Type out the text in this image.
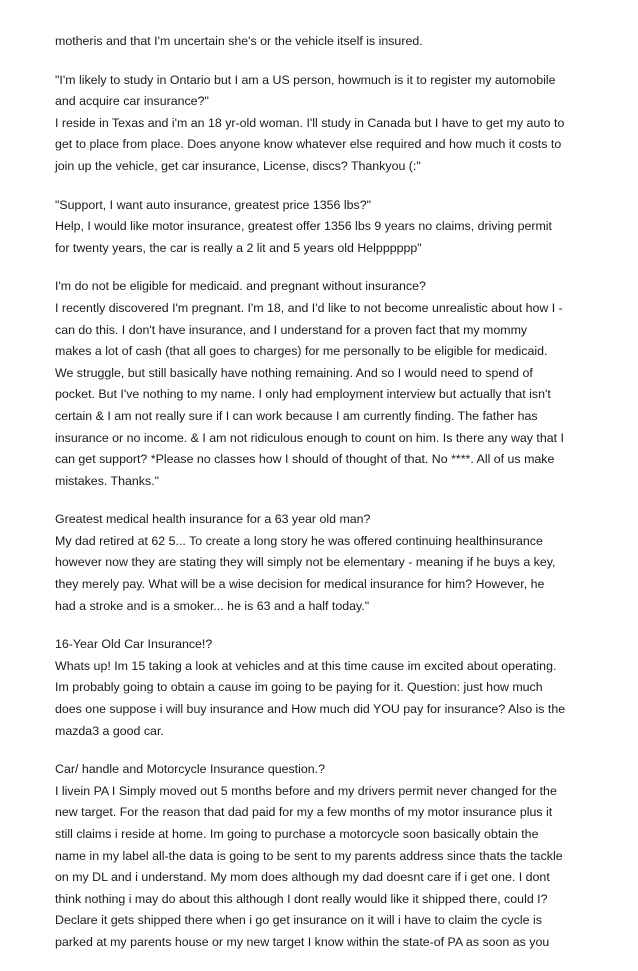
motheris and that I'm uncertain she's or the vehicle itself is insured.
"I'm likely to study in Ontario but I am a US person, howmuch is it to register my automobile
and acquire car insurance?"
I reside in Texas and i'm an 18 yr-old woman. I'll study in Canada but I have to get my auto to
get to place from place. Does anyone know whatever else required and how much it costs to
join up the vehicle, get car insurance, License, discs? Thankyou (:"
"Support, I want auto insurance, greatest price 1356 lbs?"
Help, I would like motor insurance, greatest offer 1356 lbs 9 years no claims, driving permit
for twenty years, the car is really a 2 lit and 5 years old Helpppppp"
I'm do not be eligible for medicaid. and pregnant without insurance?
I recently discovered I'm pregnant. I'm 18, and I'd like to not become unrealistic about how I -
can do this. I don't have insurance, and I understand for a proven fact that my mommy
makes a lot of cash (that all goes to charges) for me personally to be eligible for medicaid.
We struggle, but still basically have nothing remaining. And so I would need to spend of
pocket. But I've nothing to my name. I only had employment interview but actually that isn't
certain & I am not really sure if I can work because I am currently finding. The father has
insurance or no income. & I am not ridiculous enough to count on him. Is there any way that I
can get support? *Please no classes how I should of thought of that. No ****. All of us make
mistakes. Thanks."
Greatest medical health insurance for a 63 year old man?
My dad retired at 62 5... To create a long story he was offered continuing healthinsurance
however now they are stating they will simply not be elementary - meaning if he buys a key,
they merely pay. What will be a wise decision for medical insurance for him? However, he
had a stroke and is a smoker... he is 63 and a half today."
16-Year Old Car Insurance!?
Whats up! Im 15 taking a look at vehicles and at this time cause im excited about operating.
Im probably going to obtain a cause im going to be paying for it. Question: just how much
does one suppose i will buy insurance and How much did YOU pay for insurance? Also is the
mazda3 a good car.
Car/ handle and Motorcycle Insurance question.?
I livein PA I Simply moved out 5 months before and my drivers permit never changed for the
new target. For the reason that dad paid for my a few months of my motor insurance plus it
still claims i reside at home. Im going to purchase a motorcycle soon basically obtain the
name in my label all-the data is going to be sent to my parents address since thats the tackle
on my DL and i understand. My mom does although my dad doesnt care if i get one. I dont
think nothing i may do about this although I dont really would like it shipped there, could I?
Declare it gets shipped there when i go get insurance on it will i have to claim the cycle is
parked at my parents house or my new target I know within the state-of PA as soon as you
